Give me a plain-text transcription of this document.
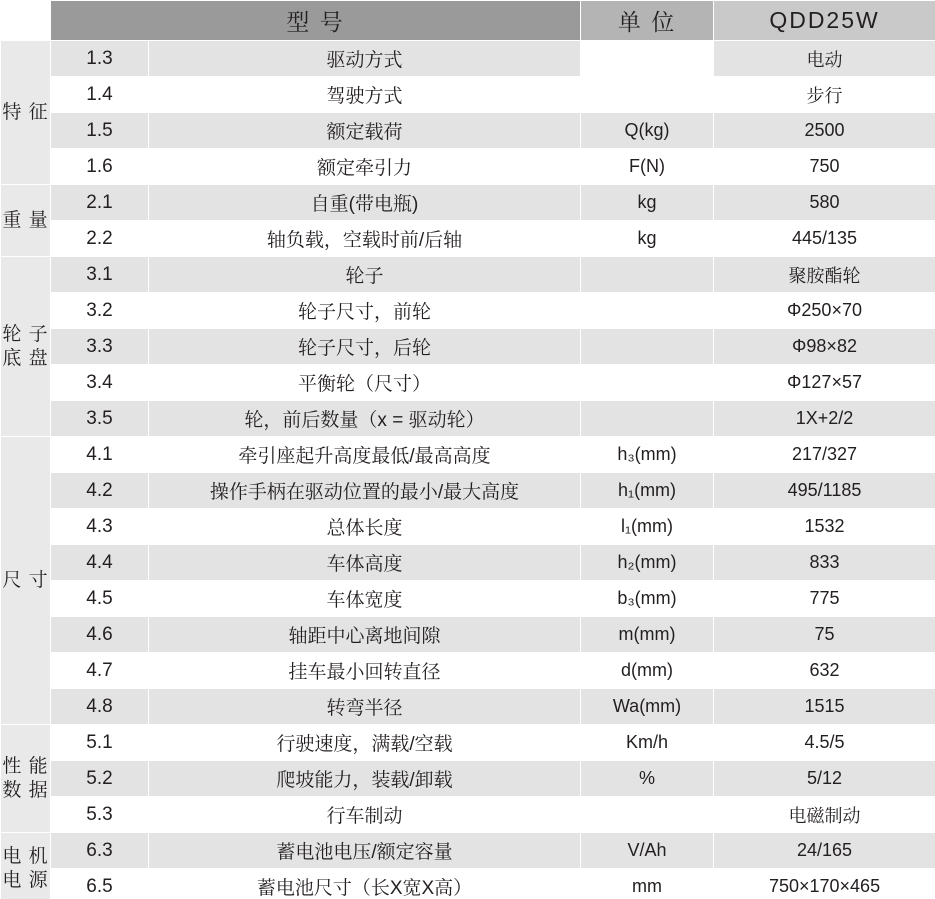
	型 号		单 位	QDD25W
特 征	1.3	驱动方式		电动
	1.4	驾驶方式		步行
	1.5	额定载荷	Q(kg)	2500
	1.6	额定牵引力	F(N)	750
重 量	2.1	自重(带电瓶)	kg	580
	2.2	轴负载，空载时前/后轴	kg	445/135
轮 子 底 盘	3.1	轮子		聚胺酯轮
	3.2	轮子尺寸，前轮		Φ250×70
	3.3	轮子尺寸，后轮		Φ98×82
	3.4	平衡轮（尺寸）		Φ127×57
	3.5	轮，前后数量（x = 驱动轮）		1X+2/2
尺 寸	4.1	牵引座起升高度最低/最高高度	h₃(mm)	217/327
	4.2	操作手柄在驱动位置的最小/最大高度	h₁(mm)	495/1185
	4.3	总体长度	l₁(mm)	1532
	4.4	车体高度	h₂(mm)	833
	4.5	车体宽度	b₃(mm)	775
	4.6	轴距中心离地间隙	m(mm)	75
	4.7	挂车最小回转直径	d(mm)	632
	4.8	转弯半径	Wa(mm)	1515
性 能 数 据	5.1	行驶速度，满载/空载	Km/h	4.5/5
	5.2	爬坡能力，装载/卸载	%	5/12
	5.3	行车制动		电磁制动
电 机 电 源	6.3	蓄电池电压/额定容量	V/Ah	24/165
	6.5	蓄电池尺寸（长X宽X高）	mm	750×170×465
